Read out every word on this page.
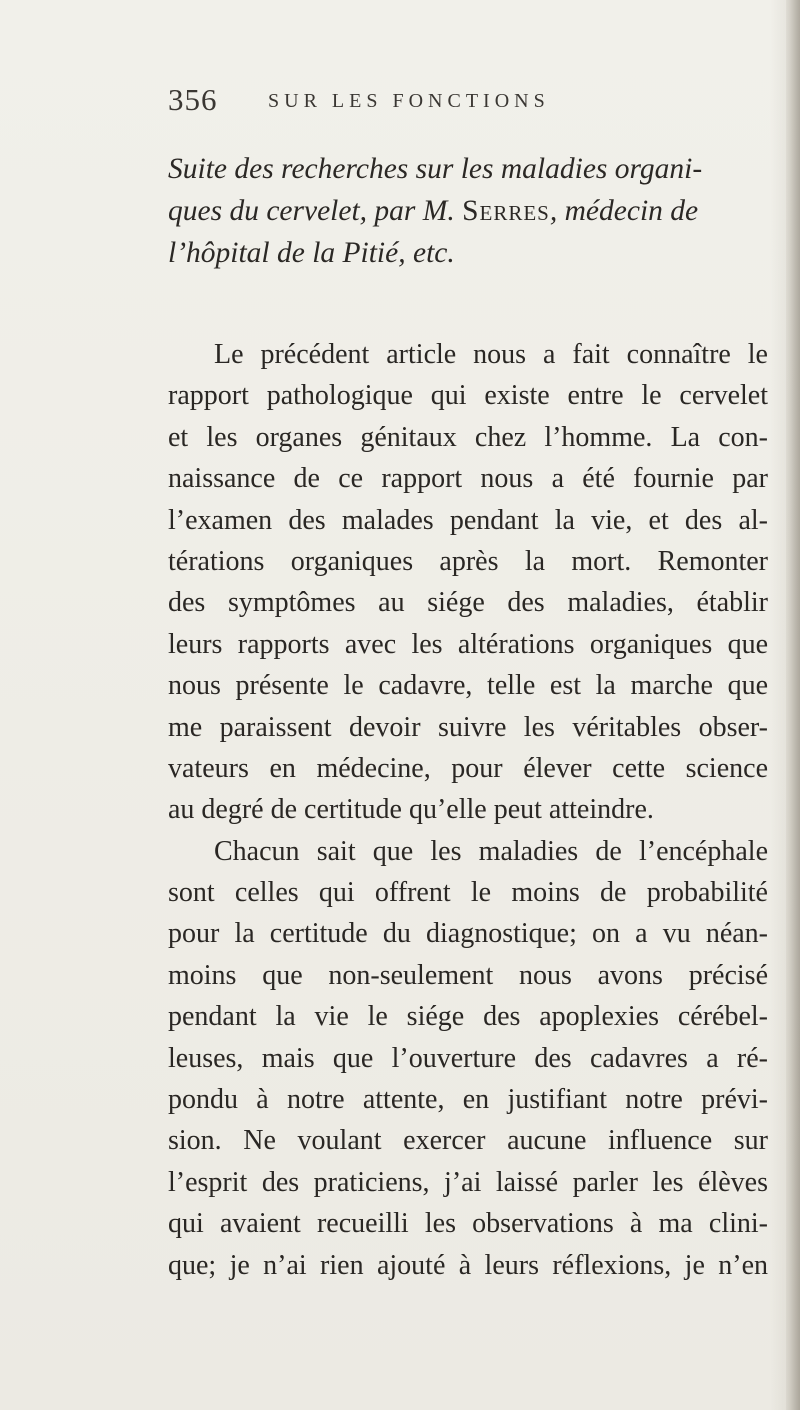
356	SUR LES FONCTIONS
Suite des recherches sur les maladies organi-
ques du cervelet, par M. Serres, médecin de
l’hôpital de la Pitié, etc.
Le précédent article nous a fait connaître le
rapport pathologique qui existe entre le cervelet
et les organes génitaux chez l’homme. La con-
naissance de ce rapport nous a été fournie par
l’examen des malades pendant la vie, et des al-
térations organiques après la mort. Remonter
des symptômes au siége des maladies, établir
leurs rapports avec les altérations organiques que
nous présente le cadavre, telle est la marche que
me paraissent devoir suivre les véritables obser-
vateurs en médecine, pour élever cette science
au degré de certitude qu’elle peut atteindre.
Chacun sait que les maladies de l’encéphale
sont celles qui offrent le moins de probabilité
pour la certitude du diagnostique; on a vu néan-
moins que non-seulement nous avons précisé
pendant la vie le siége des apoplexies cérébel-
leuses, mais que l’ouverture des cadavres a ré-
pondu à notre attente, en justifiant notre prévi-
sion. Ne voulant exercer aucune influence sur
l’esprit des praticiens, j’ai laissé parler les élèves
qui avaient recueilli les observations à ma clini-
que; je n’ai rien ajouté à leurs réflexions, je n’en
